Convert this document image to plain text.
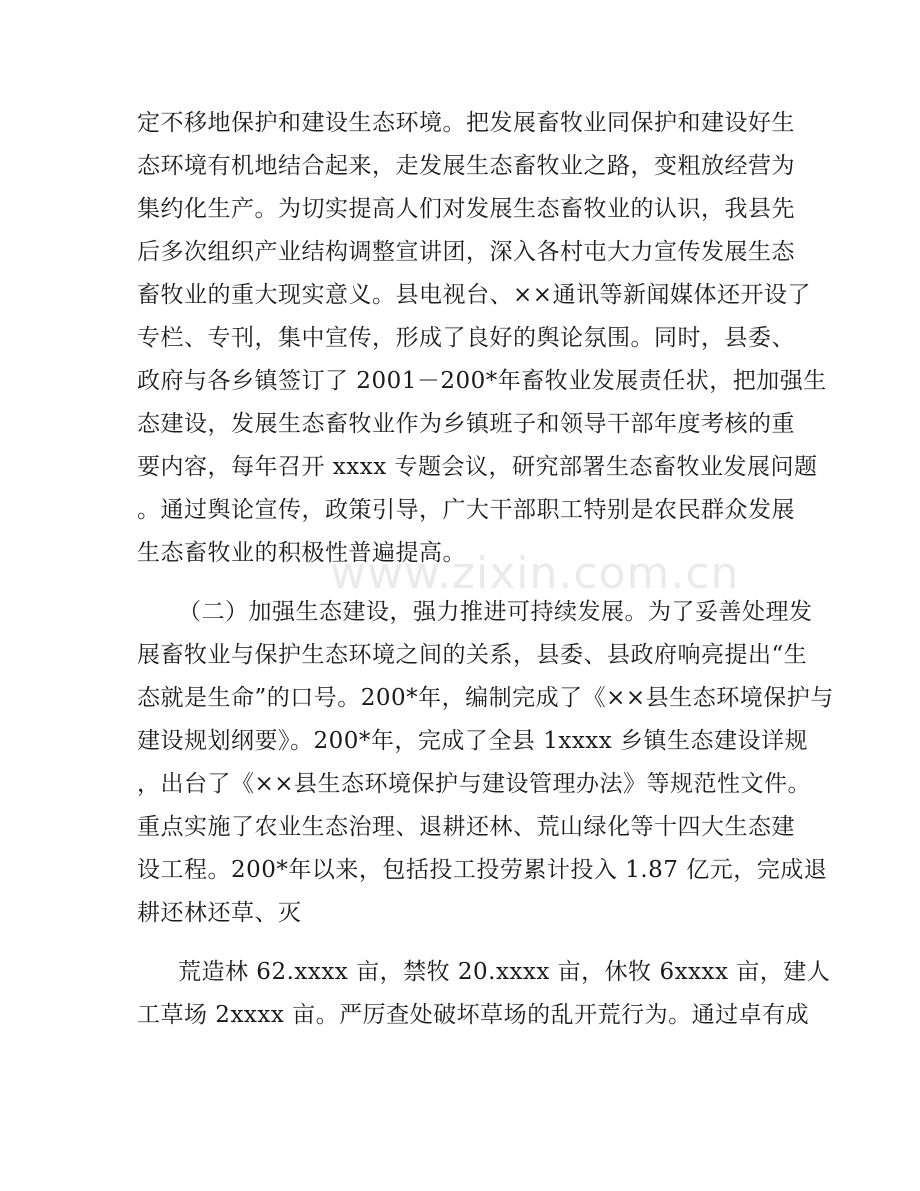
定不移地保护和建设生态环境。把发展畜牧业同保护和建设好生
态环境有机地结合起来，走发展生态畜牧业之路，变粗放经营为
集约化生产。为切实提高人们对发展生态畜牧业的认识，我县先
后多次组织产业结构调整宣讲团，深入各村屯大力宣传发展生态
畜牧业的重大现实意义。县电视台、××通讯等新闻媒体还开设了
专栏、专刊，集中宣传，形成了良好的舆论氛围。同时，县委、
政府与各乡镇签订了 2001－200*年畜牧业发展责任状，把加强生
态建设，发展生态畜牧业作为乡镇班子和领导干部年度考核的重
要内容，每年召开 xxxx 专题会议，研究部署生态畜牧业发展问题
。通过舆论宣传，政策引导，广大干部职工特别是农民群众发展
生态畜牧业的积极性普遍提高。
（二）加强生态建设，强力推进可持续发展。为了妥善处理发
展畜牧业与保护生态环境之间的关系，县委、县政府响亮提出“生
态就是生命”的口号。200*年，编制完成了《××县生态环境保护与
建设规划纲要》。200*年，完成了全县 1xxxx 乡镇生态建设详规
，出台了《××县生态环境保护与建设管理办法》等规范性文件。
重点实施了农业生态治理、退耕还林、荒山绿化等十四大生态建
设工程。200*年以来，包括投工投劳累计投入 1.87 亿元，完成退
耕还林还草、灭
荒造林 62.xxxx 亩，禁牧 20.xxxx 亩，休牧 6xxxx 亩，建人
工草场 2xxxx 亩。严厉查处破坏草场的乱开荒行为。通过卓有成
www.zixin.com.cn
